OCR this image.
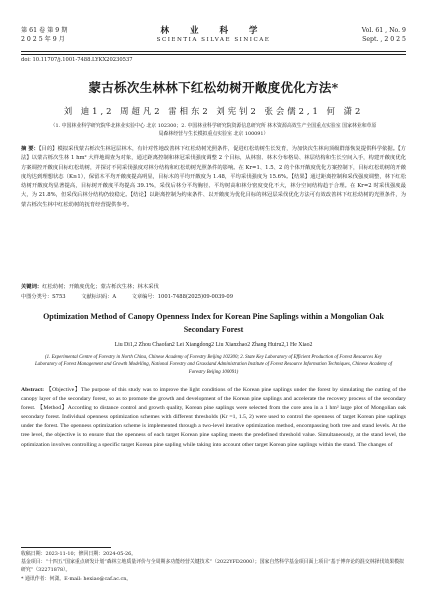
第 61 卷 第 9 期
2 0 2 5 年 9 月
林 业 科 学
SCIENTIA SILVAE SINICAE
Vol. 61 , No. 9
Sept. , 2 0 2 5
doi: 10.11707/j.1001-7488.LYKX20230537
蒙古栎次生林林下红松幼树开敞度优化方法*
刘 迪1,2 周超凡2 雷相东2 刘宪钊2 张会儒2,1 何 潇2
（1. 中国林业科学研究院华北林业实验中心 北京 102300；2. 中国林业科学研究院资源信息研究所 林木资源高效生产全国重点实验室 国家林业和草原局森林经营与生长模拟重点实验室 北京 100091）
摘 要：【目的】模拟采伐蒙古栎次生林冠层林木，有针对性地改善林下红松幼树光照条件，促进红松幼树生长发育，为加快次生林向顶级群落恢复提供科学依据。【方法】以蒙古栎次生林 1 hm² 大样地调查为对象，通过距离控制和林冠采伐强度调整 2 个目标，从林窗、林木分布格局、林层结构和生长空间入手，构建开敞度优化方案调控开敞度目标红松幼树，并探讨不同采伐强度对林分结构和红松幼树光照条件的影响。在 Kr=1、1.5、2 的个体开敞度优化方案控制下，目标红松幼树的开敞度均达到理想状态（K≥1），保留木平均开敞度提高明显，目标木的平均开敞度为 1.48，平均采伐强度为 15.6%。【结果】通过距离控制和采伐强度调整，林下红松幼树开敞度均显著提高，目标树开敞度平均提高 39.1%，采伐后林分平均胸径、平均树高和林分密度变化不大，林分空间结构趋于合理。在 Kr=2 时采伐强度最大，为 21.8%，但采伐后林分结构仍较稳定。【结论】以距离控制为约束条件、以开敞度为优化目标的林冠层采伐优化方法可有效改善林下红松幼树的光照条件，为蒙古栎次生林中红松幼树的抚育经营提供参考。
关键词：红松幼树；开敞度优化；蒙古栎次生林；林木采伐
中图分类号：S753	文献标识码：A	文章编号：1001-7488(2025)09-0039-09
Optimization Method of Canopy Openness Index for Korean Pine Saplings within a Mongolian Oak Secondary Forest
Liu Di1,2 Zhou Chaofan2 Lei Xiangdong2 Liu Xianzhao2 Zhang Huiru2,1 He Xiao2
(1. Experimental Centre of Forestry in North China, Chinese Academy of Forestry Beijing 102300; 2. State Key Laboratory of Efficient Production of Forest Resources Key Laboratory of Forest Management and Growth Modelling, National Forestry and Grassland Administration Institute of Forest Resource Information Techniques, Chinese Academy of Forestry Beijing 100091)
Abstract: 【Objective】The purpose of this study was to improve the light conditions of the Korean pine saplings under the forest by simulating the cutting of the canopy layer of the secondary forest, so as to promote the growth and development of the Korean pine saplings and accelerate the recovery process of the secondary forest. 【Method】According to distance control and growth quality, Korean pine saplings were selected from the core area in a 1 hm² large plot of Mongolian oak secondary forest. Individual openness optimization schemes with different thresholds (Kr =1, 1.5, 2) were used to control the openness of target Korean pine saplings under the forest. The openness optimization scheme is implemented through a two-level iterative optimization method, encompassing both tree and stand levels. At the tree level, the objective is to ensure that the openness of each target Korean pine sapling meets the predefined threshold value. Simultaneously, at the stand level, the optimization involves controlling a specific target Korean pine sapling while taking into account other target Korean pine saplings within the stand. The changes of
收稿日期：2023-11-10；修回日期：2024-05-26。
基金项目：“十四五”国家重点研发计划“森林立地质量评价与全周期多功能经营关键技术”（2022YFD2000）；国家自然科学基金项目面上项目“基于博弈论的混交林择伐效果模拟研究”（32271878）。
* 通讯作者：何潇。E-mail: hexiao@caf.ac.cn。
